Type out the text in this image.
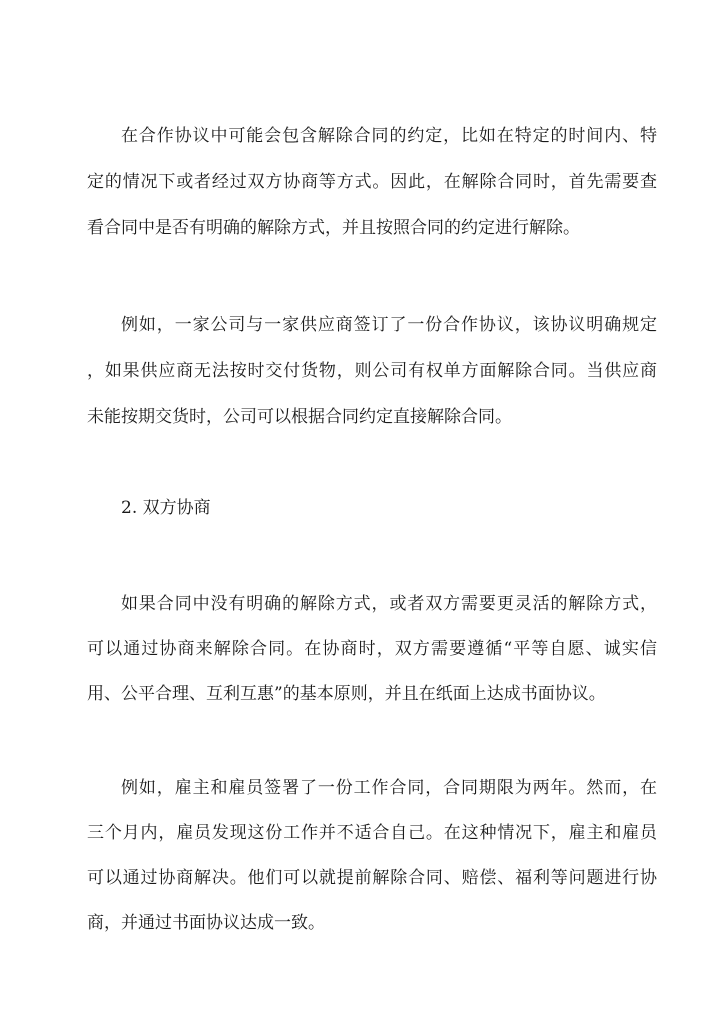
在合作协议中可能会包含解除合同的约定，比如在特定的时间内、特
定的情况下或者经过双方协商等方式。因此，在解除合同时，首先需要查
看合同中是否有明确的解除方式，并且按照合同的约定进行解除。
例如，一家公司与一家供应商签订了一份合作协议，该协议明确规定
，如果供应商无法按时交付货物，则公司有权单方面解除合同。当供应商
未能按期交货时，公司可以根据合同约定直接解除合同。
2. 双方协商
如果合同中没有明确的解除方式，或者双方需要更灵活的解除方式，
可以通过协商来解除合同。在协商时，双方需要遵循“平等自愿、诚实信
用、公平合理、互利互惠”的基本原则，并且在纸面上达成书面协议。
例如，雇主和雇员签署了一份工作合同，合同期限为两年。然而，在
三个月内，雇员发现这份工作并不适合自己。在这种情况下，雇主和雇员
可以通过协商解决。他们可以就提前解除合同、赔偿、福利等问题进行协
商，并通过书面协议达成一致。
